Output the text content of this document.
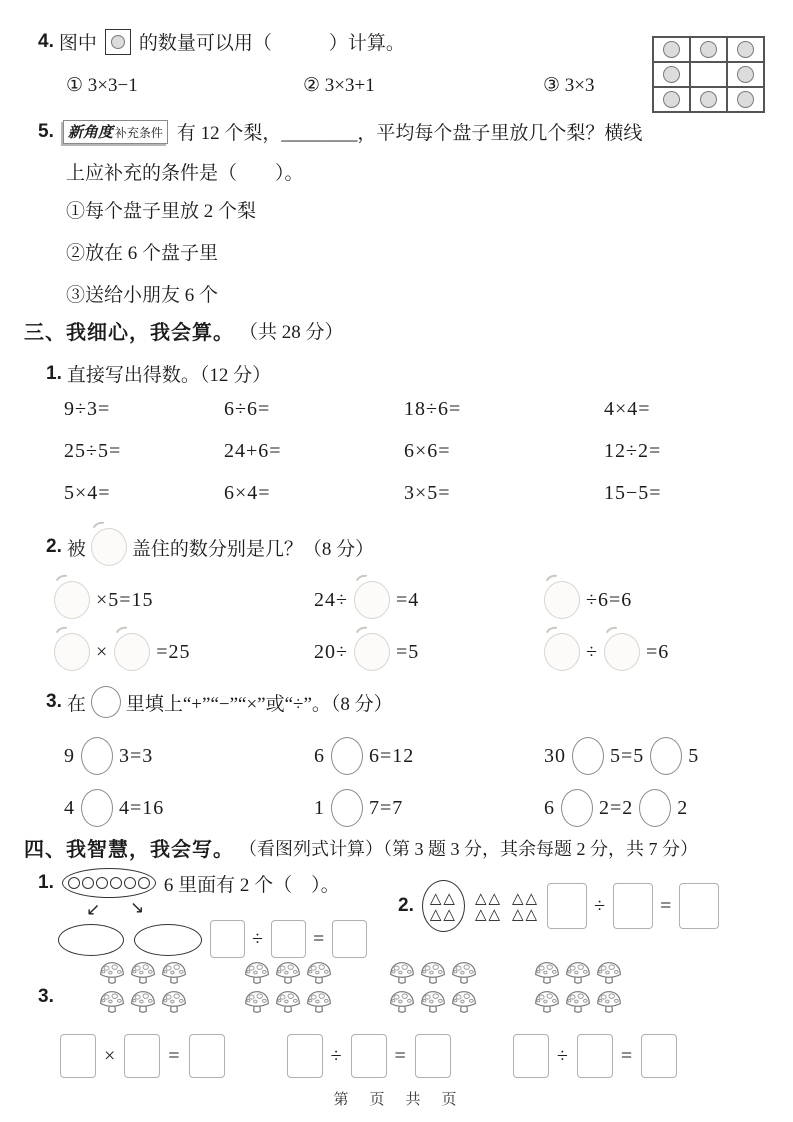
4. 图中 的数量可以用（　　　）计算。
① 3×3−1	② 3×3+1	③ 3×3
5. 新角度 补充条件 有 12 个梨，________，平均每个盘子里放几个梨？横线
上应补充的条件是（　　）。
①每个盘子里放 2 个梨
②放在 6 个盘子里
③送给小朋友 6 个
三、我细心，我会算。 （共 28 分）
1. 直接写出得数。（12 分）
9÷3=	6÷6=	18÷6=	4×4=
25÷5=	24+6=	6×6=	12÷2=
5×4=	6×4=	3×5=	15−5=
2. 被 盖住的数分别是几？（8 分）
×5=15	24÷ =4	÷6=6
× =25	20÷ =5	÷ =6
3. 在 里填上“+”“−”“×”或“÷”。（8 分）
9 3=3	6 6=12	30 5=5 5
4 4=16	1 7=7	6 2=2 2
四、我智慧，我会写。 （看图列式计算）（第 3 题 3 分，其余每题 2 分，共 7 分）
1.	6 里面有 2 个（　）。
↙ ↘
÷ =
2. △△
△△
△△
△△
△△
△△	÷	=
3.
×	=	÷	=	÷	=
第　页　共　页
